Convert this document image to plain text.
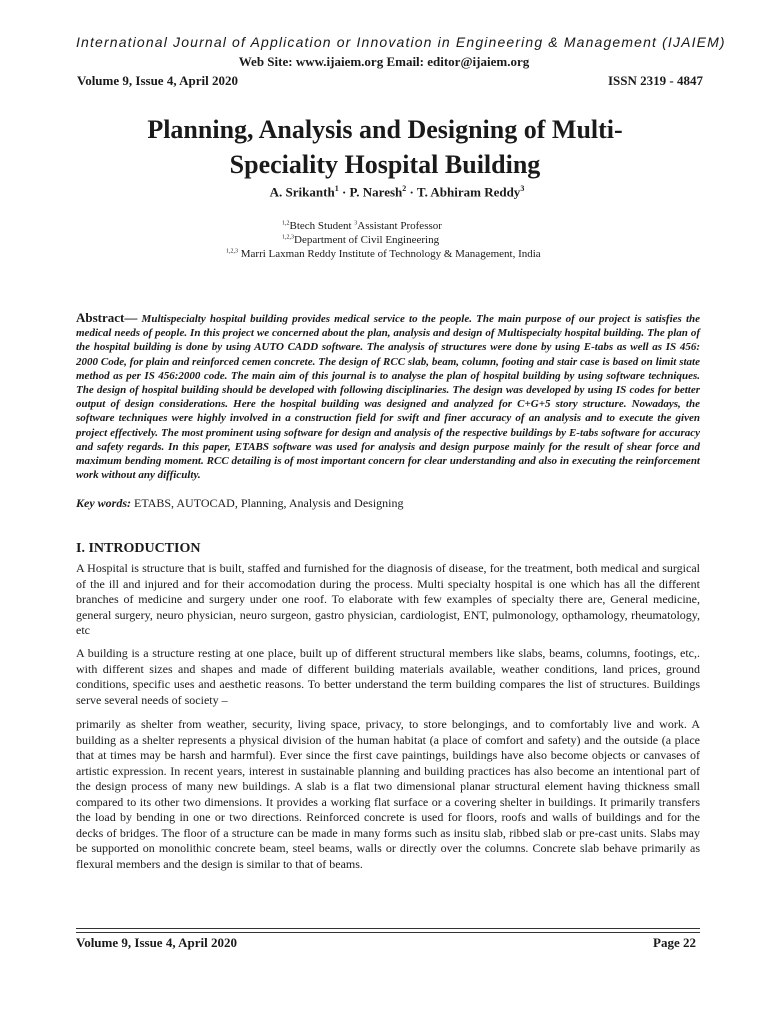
International Journal of Application or Innovation in Engineering & Management (IJAIEM)
Web Site: www.ijaiem.org Email: editor@ijaiem.org
Volume 9, Issue 4, April 2020	ISSN 2319 - 4847
Planning, Analysis and Designing of Multi-Speciality Hospital Building
A. Srikanth$^1$ · P. Naresh$^2$ · T. Abhiram Reddy$^3$
$^{1,2}$Btech Student $^3$Assistant Professor
$^{1,2,3}$Department of Civil Engineering
$^{1,2,3}$ Marri Laxman Reddy Institute of Technology & Management, India
Abstract— Multispecialty hospital building provides medical service to the people. The main purpose of our project is satisfies the medical needs of people. In this project we concerned about the plan, analysis and design of Multispecialty hospital building. The plan of the hospital building is done by using AUTO CADD software. The analysis of structures were done by using E-tabs as well as IS 456: 2000 Code, for plain and reinforced cemen concrete. The design of RCC slab, beam, column, footing and stair case is based on limit state method as per IS 456:2000 code. The main aim of this journal is to analyse the plan of hospital building by using software techniques. The design of hospital building should be developed with following disciplinaries. The design was developed by using IS codes for better output of design considerations. Here the hospital building was designed and analyzed for C+G+5 story structure. Nowadays, the software techniques were highly involved in a construction field for swift and finer accuracy of an analysis and to execute the given project effectively. The most prominent using software for design and analysis of the respective buildings by E-tabs software for accuracy and safety regards. In this paper, ETABS software was used for analysis and design purpose mainly for the result of shear force and maximum bending moment. RCC detailing is of most important concern for clear understanding and also in executing the reinforcement work without any difficulty.
Key words: ETABS, AUTOCAD, Planning, Analysis and Designing
I. INTRODUCTION
A Hospital is structure that is built, staffed and furnished for the diagnosis of disease, for the treatment, both medical and surgical of the ill and injured and for their accomodation during the process. Multi specialty hospital is one which has all the different branches of medicine and surgery under one roof. To elaborate with few examples of specialty there are, General medicine, general surgery, neuro physician, neuro surgeon, gastro physician, cardiologist, ENT, pulmonology, opthamology, rheumatology, etc
A building is a structure resting at one place, built up of different structural members like slabs, beams, columns, footings, etc,. with different sizes and shapes and made of different building materials available, weather conditions, land prices, ground conditions, specific uses and aesthetic reasons. To better understand the term building compares the list of structures. Buildings serve several needs of society –
primarily as shelter from weather, security, living space, privacy, to store belongings, and to comfortably live and work. A building as a shelter represents a physical division of the human habitat (a place of comfort and safety) and the outside (a place that at times may be harsh and harmful). Ever since the first cave paintings, buildings have also become objects or canvases of artistic expression. In recent years, interest in sustainable planning and building practices has also become an intentional part of the design process of many new buildings. A slab is a flat two dimensional planar structural element having thickness small compared to its other two dimensions. It provides a working flat surface or a covering shelter in buildings. It primarily transfers the load by bending in one or two directions. Reinforced concrete is used for floors, roofs and walls of buildings and for the decks of bridges. The floor of a structure can be made in many forms such as insitu slab, ribbed slab or pre-cast units. Slabs may be supported on monolithic concrete beam, steel beams, walls or directly over the columns. Concrete slab behave primarily as flexural members and the design is similar to that of beams.
Volume 9, Issue 4, April 2020	Page 22
